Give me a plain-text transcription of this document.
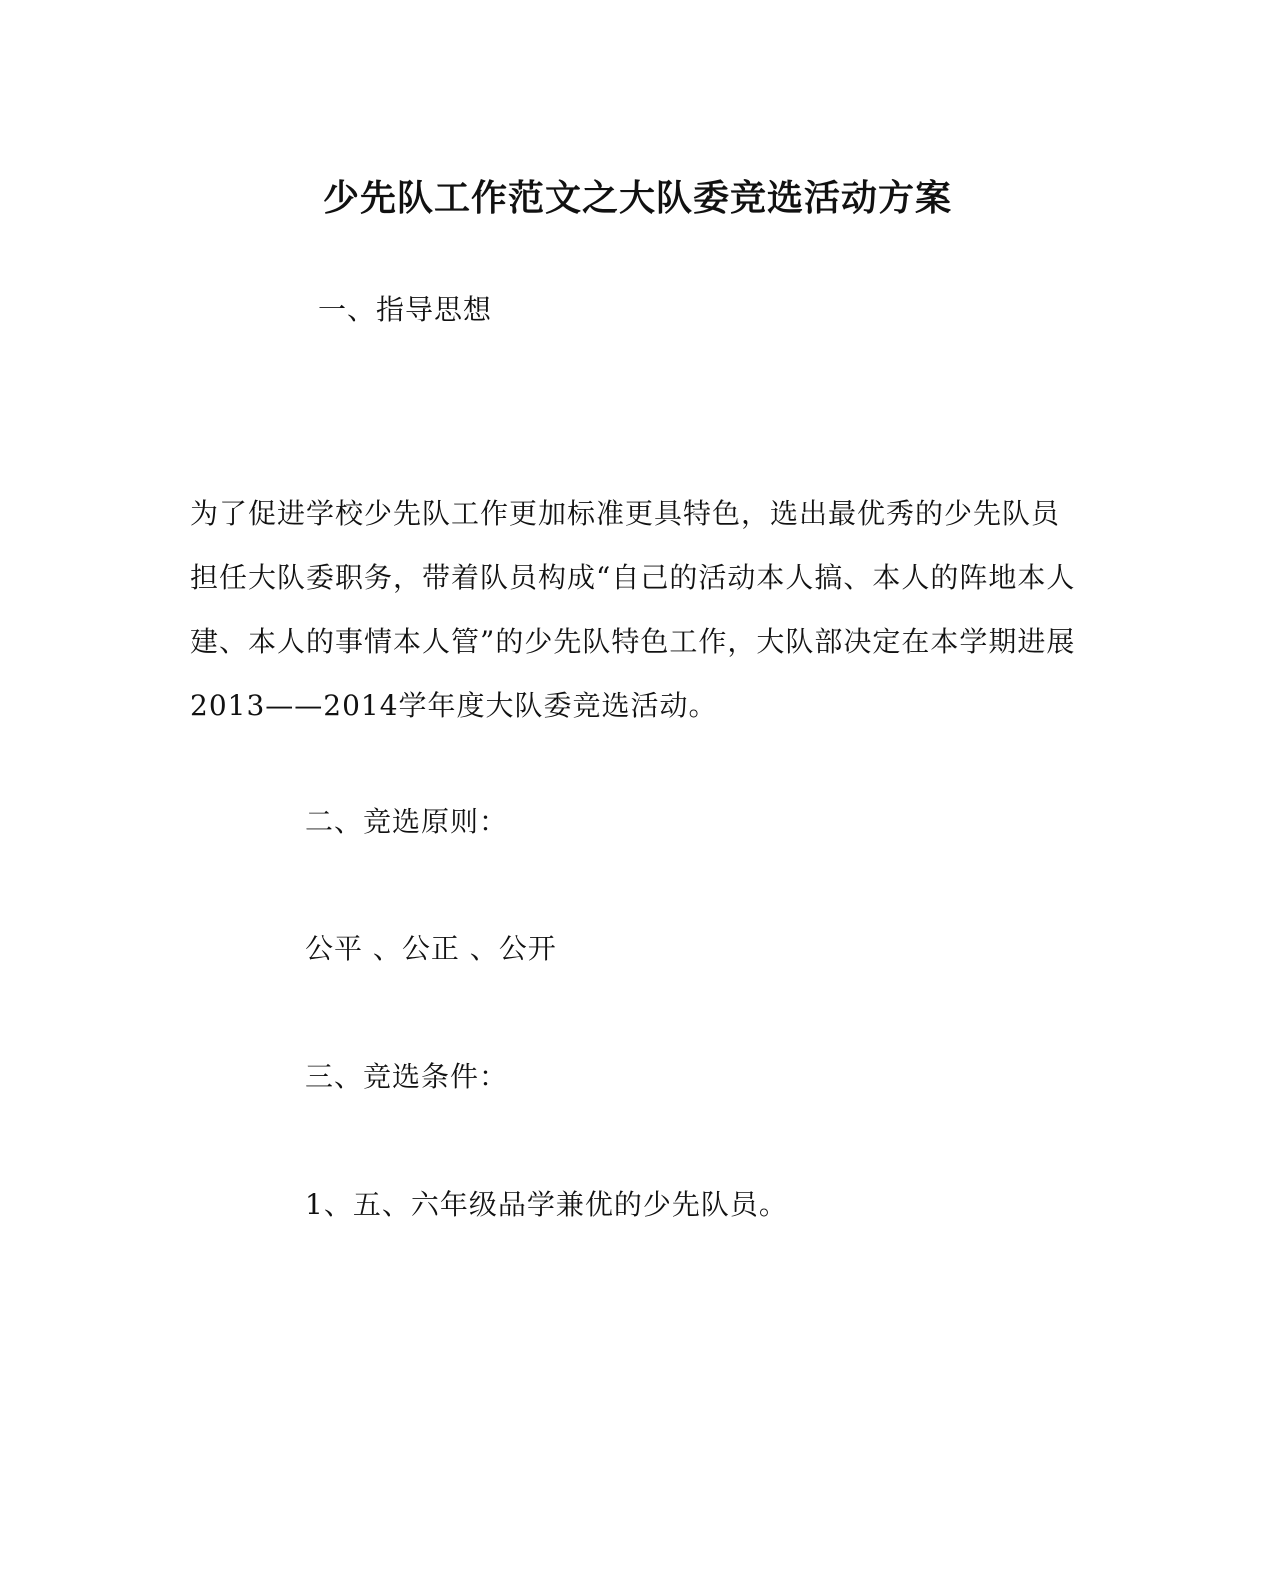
少先队工作范文之大队委竞选活动方案
一、指导思想
为了促进学校少先队工作更加标准更具特色，选出最优秀的少先队员
担任大队委职务，带着队员构成“自己的活动本人搞、本人的阵地本人
建、本人的事情本人管”的少先队特色工作，大队部决定在本学期进展
2013——2014学年度大队委竞选活动。
二、竞选原则：
公平 、公正 、公开
三、竞选条件：
1、五、六年级品学兼优的少先队员。
